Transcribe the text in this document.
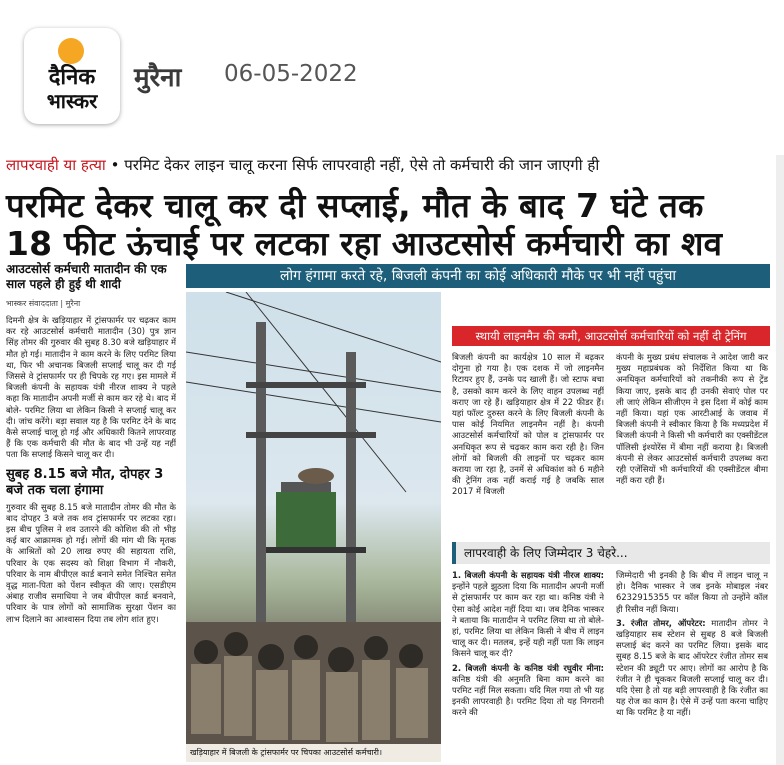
दैनिक
भास्कर
मुरैना 06-05-2022
लापरवाही या हत्या • परमिट देकर लाइन चालू करना सिर्फ लापरवाही नहीं, ऐसे तो कर्मचारी की जान जाएगी ही
परमिट देकर चालू कर दी सप्लाई, मौत के बाद 7 घंटे तक
18 फीट ऊंचाई पर लटका रहा आउटसोर्स कर्मचारी का शव
आउटसोर्स कर्मचारी मातादीन की एक साल पहले ही हुई थी शादी
भास्कर संवाददाता | मुरैना
दिमनी क्षेत्र के खड़ियाहार में ट्रांसफार्मर पर चढ़कर काम कर रहे आउटसोर्स कर्मचारी मातादीन (30) पुत्र ज्ञान सिंह तोमर की गुरुवार की सुबह 8.30 बजे खड़ियाहार में मौत हो गई। मातादीन ने काम करने के लिए परमिट लिया था, फिर भी अचानक बिजली सप्लाई चालू कर दी गई जिससे वे ट्रांसफार्मर पर ही चिपके रह गए। इस मामले में बिजली कंपनी के सहायक यंत्री नीरज शाक्य ने पहले कहा कि मातादीन अपनी मर्जी से काम कर रहे थे। बाद में बोले- परमिट लिया था लेकिन किसी ने सप्लाई चालू कर दी। जांच करेंगे। बड़ा सवाल यह है कि परमिट देने के बाद कैसे सप्लाई चालू हो गई और अधिकारी कितने लापरवाह हैं कि एक कर्मचारी की मौत के बाद भी उन्हें यह नहीं पता कि सप्लाई किसने चालू कर दी।
सुबह 8.15 बजे मौत, दोपहर 3 बजे तक चला हंगामा
गुरुवार की सुबह 8.15 बजे मातादीन तोमर की मौत के बाद दोपहर 3 बजे तक शव ट्रांसफार्मर पर लटका रहा। इस बीच पुलिस ने शव उतारने की कोशिश की तो भीड़ कई बार आक्रामक हो गई। लोगों की मांग थी कि मृतक के आश्रितों को 20 लाख रुपए की सहायता राशि, परिवार के एक सदस्य को शिक्षा विभाग में नौकरी, परिवार के नाम बीपीएल कार्ड बनाने समेत निश्चित समेत वृद्ध माता-पिता को पेंशन स्वीकृत की जाए। एसडीएम अंबाह राजीव समाधिया ने जब बीपीएल कार्ड बनवाने, परिवार के पात्र लोगों को सामाजिक सुरक्षा पेंशन का लाभ दिलाने का आश्वासन दिया तब लोग शांत हुए।
लोग हंगामा करते रहे, बिजली कंपनी का कोई अधिकारी मौके पर भी नहीं पहुंचा
खड़ियाहार में बिजली के ट्रांसफार्मर पर चिपका आउटसोर्स कर्मचारी।
स्थायी लाइनमैन की कमी, आउटसोर्स कर्मचारियों को नहीं दी ट्रेनिंग
बिजली कंपनी का कार्यक्षेत्र 10 साल में बढ़कर दोगुना हो गया है। एक दशक में जो लाइनमैन रिटायर हुए हैं, उनके पद खाली हैं। जो स्टाफ बचा है, उसको काम करने के लिए वाहन उपलब्ध नहीं कराए जा रहे हैं। खड़ियाहार क्षेत्र में 22 फीडर हैं। यहां फॉल्ट दुरुस्त करने के लिए बिजली कंपनी के पास कोई नियमित लाइनमैन नहीं है। कंपनी आउटसोर्स कर्मचारियों को पोल व ट्रांसफार्मर पर अनधिकृत रूप से चढ़कर काम करा रही है। जिन लोगों को बिजली की लाइनों पर चढ़कर काम कराया जा रहा है, उनमें से अधिकांश को 6 महीने की ट्रेनिंग तक नहीं कराई गई है जबकि साल 2017 में बिजली
कंपनी के मुख्य प्रबंध संचालक ने आदेश जारी कर मुख्य महाप्रबंधक को निर्देशित किया था कि अनधिकृत कर्मचारियों को तकनीकी रूप से ट्रेंड किया जाए, इसके बाद ही उनकी सेवाएं पोल पर ली जाएं लेकिन सीजीएम ने इस दिशा में कोई काम नहीं किया। यहां एक आरटीआई के जवाब में बिजली कंपनी ने स्वीकार किया है कि मध्यप्रदेश में बिजली कंपनी ने किसी भी कर्मचारी का एक्सीडेंटल पॉलिसी इंश्योरेंस में बीमा नहीं कराया है। बिजली कंपनी से लेकर आउटसोर्स कर्मचारी उपलब्ध करा रही एजेंसियों भी कर्मचारियों की एक्सीडेंटल बीमा नहीं करा रही हैं।
लापरवाही के लिए जिम्मेदार 3 चेहरे...
1. बिजली कंपनी के सहायक यंत्री नीरज शाक्य: इन्होंने पहले झुठला दिया कि मातादीन अपनी मर्जी से ट्रांसफार्मर पर काम कर रहा था। कनिष्ठ यंत्री ने ऐसा कोई आदेश नहीं दिया था। जब दैनिक भास्कर ने बताया कि मातादीन ने परमिट लिया था तो बोले- हां, परमिट लिया था लेकिन किसी ने बीच में लाइन चालू कर दी। मतलब, इन्हें यही नहीं पता कि लाइन किसने चालू कर दी?
2. बिजली कंपनी के कनिष्ठ यंत्री रघुवीर मीना: कनिष्ठ यंत्री की अनुमति बिना काम करने का परमिट नहीं मिल सकता। यदि मिल गया तो भी यह इनकी लापरवाही है। परमिट दिया तो यह निगरानी करने की
जिम्मेदारी भी इनकी है कि बीच में लाइन चालू न हो। दैनिक भास्कर ने जब इनके मोबाइल नंबर 6232915355 पर कॉल किया तो उन्होंने कॉल ही रिसीव नहीं किया।
3. रंजीत तोमर, ऑपरेटर: मातादीन तोमर ने खड़ियाहार सब स्टेशन से सुबह 8 बजे बिजली सप्लाई बंद करने का परमिट लिया। इसके बाद सुबह 8.15 बजे के बाद ऑपरेटर रंजीत तोमर सब स्टेशन की ड्यूटी पर आए। लोगों का आरोप है कि रंजीत ने ही चूककर बिजली सप्लाई चालू कर दी। यदि ऐसा है तो यह बड़ी लापरवाही है कि रंजीत का यह रोज का काम है। ऐसे में उन्हें पता करना चाहिए था कि परमिट है या नहीं।
